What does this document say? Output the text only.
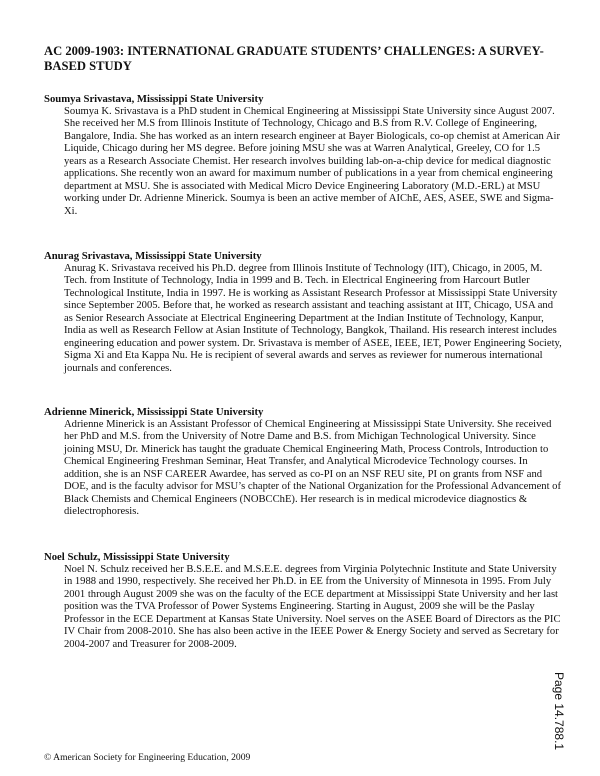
AC 2009-1903: INTERNATIONAL GRADUATE STUDENTS’ CHALLENGES: A SURVEY-BASED STUDY
Soumya Srivastava, Mississippi State University
Soumya K. Srivastava is a PhD student in Chemical Engineering at Mississippi State University since August 2007. She received her M.S from Illinois Institute of Technology, Chicago and B.S from R.V. College of Engineering, Bangalore, India. She has worked as an intern research engineer at Bayer Biologicals, co-op chemist at American Air Liquide, Chicago during her MS degree. Before joining MSU she was at Warren Analytical, Greeley, CO for 1.5 years as a Research Associate Chemist. Her research involves building lab-on-a-chip device for medical diagnostic applications. She recently won an award for maximum number of publications in a year from chemical engineering department at MSU. She is associated with Medical Micro Device Engineering Laboratory (M.D.-ERL) at MSU working under Dr. Adrienne Minerick. Soumya is been an active member of AIChE, AES, ASEE, SWE and Sigma-Xi.
Anurag Srivastava, Mississippi State University
Anurag K. Srivastava received his Ph.D. degree from Illinois Institute of Technology (IIT), Chicago, in 2005, M. Tech. from Institute of Technology, India in 1999 and B. Tech. in Electrical Engineering from Harcourt Butler Technological Institute, India in 1997. He is working as Assistant Research Professor at Mississippi State University since September 2005. Before that, he worked as research assistant and teaching assistant at IIT, Chicago, USA and as Senior Research Associate at Electrical Engineering Department at the Indian Institute of Technology, Kanpur, India as well as Research Fellow at Asian Institute of Technology, Bangkok, Thailand. His research interest includes engineering education and power system. Dr. Srivastava is member of ASEE, IEEE, IET, Power Engineering Society, Sigma Xi and Eta Kappa Nu. He is recipient of several awards and serves as reviewer for numerous international journals and conferences.
Adrienne Minerick, Mississippi State University
Adrienne Minerick is an Assistant Professor of Chemical Engineering at Mississippi State University. She received her PhD and M.S. from the University of Notre Dame and B.S. from Michigan Technological University. Since joining MSU, Dr. Minerick has taught the graduate Chemical Engineering Math, Process Controls, Introduction to Chemical Engineering Freshman Seminar, Heat Transfer, and Analytical Microdevice Technology courses. In addition, she is an NSF CAREER Awardee, has served as co-PI on an NSF REU site, PI on grants from NSF and DOE, and is the faculty advisor for MSU’s chapter of the National Organization for the Professional Advancement of Black Chemists and Chemical Engineers (NOBCChE). Her research is in medical microdevice diagnostics & dielectrophoresis.
Noel Schulz, Mississippi State University
Noel N. Schulz received her B.S.E.E. and M.S.E.E. degrees from Virginia Polytechnic Institute and State University in 1988 and 1990, respectively. She received her Ph.D. in EE from the University of Minnesota in 1995. From July 2001 through August 2009 she was on the faculty of the ECE department at Mississippi State University and her last position was the TVA Professor of Power Systems Engineering. Starting in August, 2009 she will be the Paslay Professor in the ECE Department at Kansas State University. Noel serves on the ASEE Board of Directors as the PIC IV Chair from 2008-2010. She has also been active in the IEEE Power & Energy Society and served as Secretary for 2004-2007 and Treasurer for 2008-2009.
© American Society for Engineering Education, 2009
Page 14.788.1
